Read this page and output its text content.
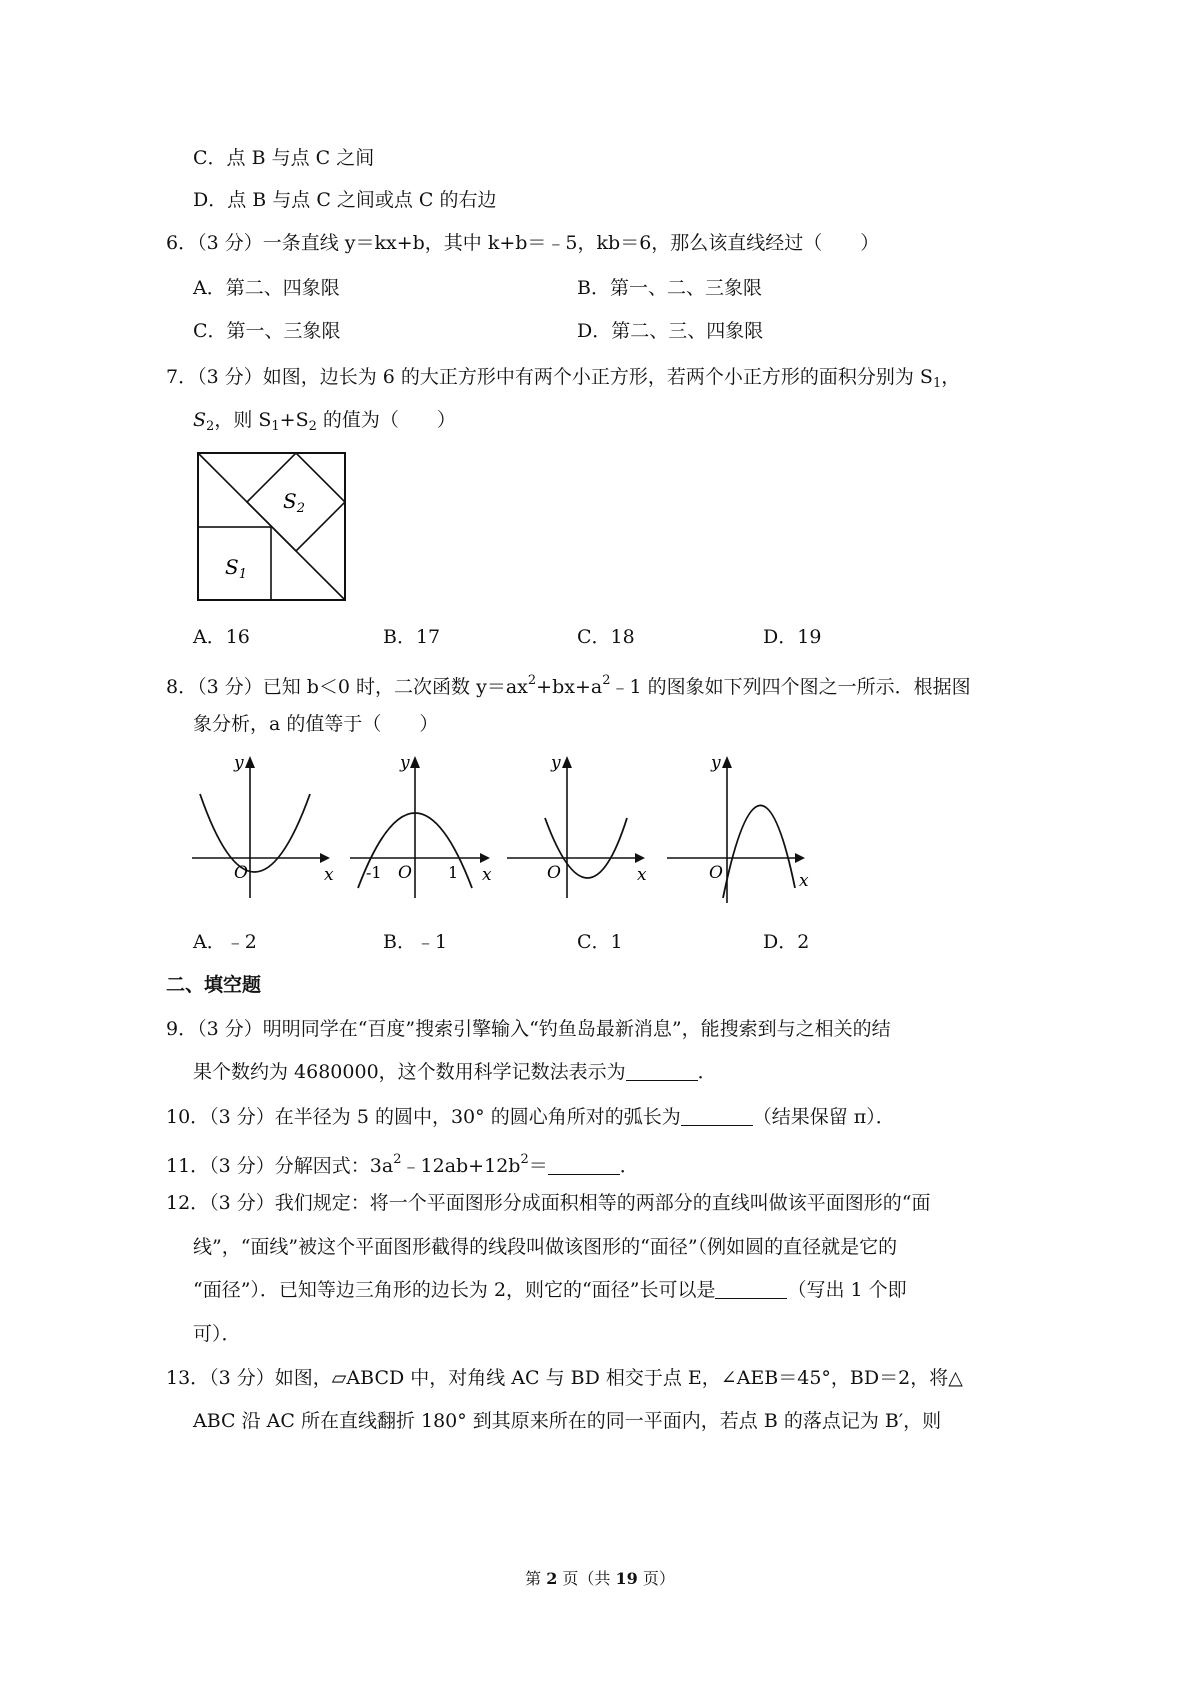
C．点 B 与点 C 之间
D．点 B 与点 C 之间或点 C 的右边
6．（3 分）一条直线 y＝kx+b，其中 k+b＝﹣5，kb＝6，那么该直线经过（　　）
A．第二、四象限	B．第一、二、三象限
C．第一、三象限	D．第二、三、四象限
7．（3 分）如图，边长为 6 的大正方形中有两个小正方形，若两个小正方形的面积分别为 $S_1$，
$S_2$，则 $S_1+S_2$ 的值为（　　）
$S_1$
$S_2$
A．16	B．17	C．18	D．19
8．（3 分）已知 b＜0 时，二次函数 $y=ax^2+bx+a^2﹣1$ 的图象如下列四个图之一所示．根据图
象分析，a 的值等于（　　）
y
x
O
y
x
O
-1	1
y
x
O
y
x
O
A．﹣2	B．﹣1	C．1	D．2
二、填空题
9．（3 分）明明同学在“百度”搜索引擎输入“钓鱼岛最新消息”，能搜索到与之相关的结
果个数约为 4680000，这个数用科学记数法表示为	．
10．（3 分）在半径为 5 的圆中，30° 的圆心角所对的弧长为	（结果保留 π）．
11．（3 分）分解因式：$3a^2﹣12ab+12b^2=$	．
12．（3 分）我们规定：将一个平面图形分成面积相等的两部分的直线叫做该平面图形的“面
线”，“面线”被这个平面图形截得的线段叫做该图形的“面径”（例如圆的直径就是它的
“面径”）．已知等边三角形的边长为 2，则它的“面径”长可以是	（写出 1 个即
可）．
13．（3 分）如图，▱ABCD 中，对角线 AC 与 BD 相交于点 E，∠AEB＝45°，BD＝2，将△
ABC 沿 AC 所在直线翻折 180° 到其原来所在的同一平面内，若点 B 的落点记为 B′，则
第 2 页（共 19 页）
